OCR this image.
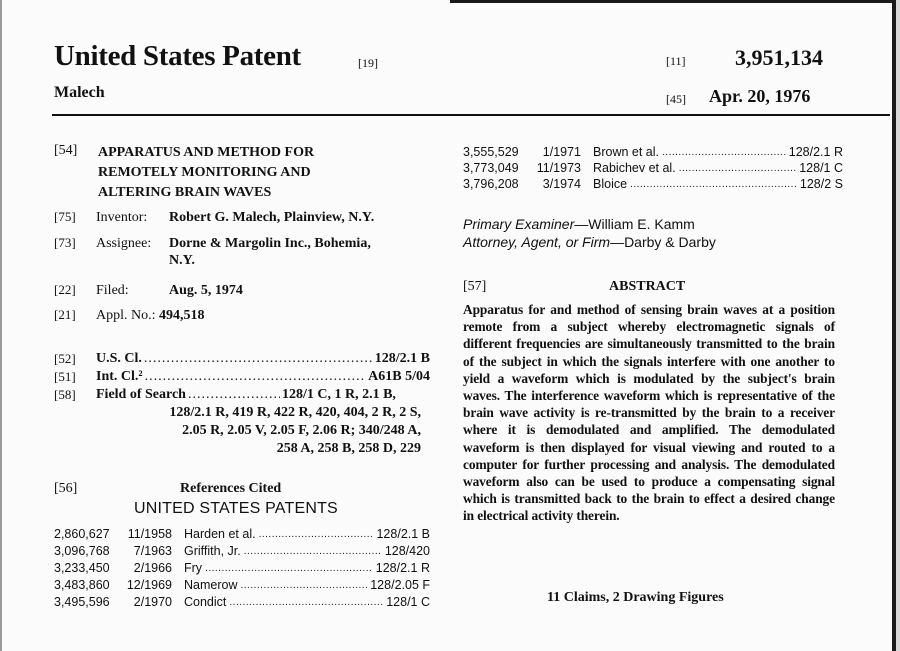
United States Patent	[19]
Malech
[11] 3,951,134
[45] Apr. 20, 1976
[54] APPARATUS AND METHOD FOR
REMOTELY MONITORING AND
ALTERING BRAIN WAVES
[75] Inventor: Robert G. Malech, Plainview, N.Y.
[73] Assignee: Dorne & Margolin Inc., Bohemia,
N.Y.
[22] Filed:	Aug. 5, 1974
[21] Appl. No.: 494,518
[52]	U.S. Cl. .....	128/2.1 B
[51]	Int. Cl.² .....	A61B 5/04
[58]	Field of Search .....	128/1 C, 1 R, 2.1 B,
128/2.1 R, 419 R, 422 R, 420, 404, 2 R, 2 S,
2.05 R, 2.05 V, 2.05 F, 2.06 R; 340/248 A,
258 A, 258 B, 258 D, 229
[56]	References Cited
UNITED STATES PATENTS
2,860,627	11/1958 Harden et al. .....	128/2.1 B
3,096,768	7/1963 Griffith, Jr. .....	128/420
3,233,450	2/1966 Fry .....	128/2.1 R
3,483,860	12/1969 Namerow .....	128/2.05 F
3,495,596	2/1970 Condict .....	128/1 C
3,555,529	1/1971 Brown et al. .....	128/2.1 R
3,773,049	11/1973 Rabichev et al. .....	128/1 C
3,796,208	3/1974 Bloice .....	128/2 S
Primary Examiner—William E. Kamm
Attorney, Agent, or Firm—Darby & Darby
[57]	ABSTRACT
Apparatus for and method of sensing brain waves at a position remote from a subject whereby electromagnetic signals of different frequencies are simultaneously transmitted to the brain of the subject in which the signals interfere with one another to yield a waveform which is modulated by the subject's brain waves. The interference waveform which is representative of the brain wave activity is re-transmitted by the brain to a receiver where it is demodulated and amplified. The demodulated waveform is then displayed for visual viewing and routed to a computer for further processing and analysis. The demodulated waveform also can be used to produce a compensating signal which is transmitted back to the brain to effect a desired change in electrical activity therein.
11 Claims, 2 Drawing Figures
